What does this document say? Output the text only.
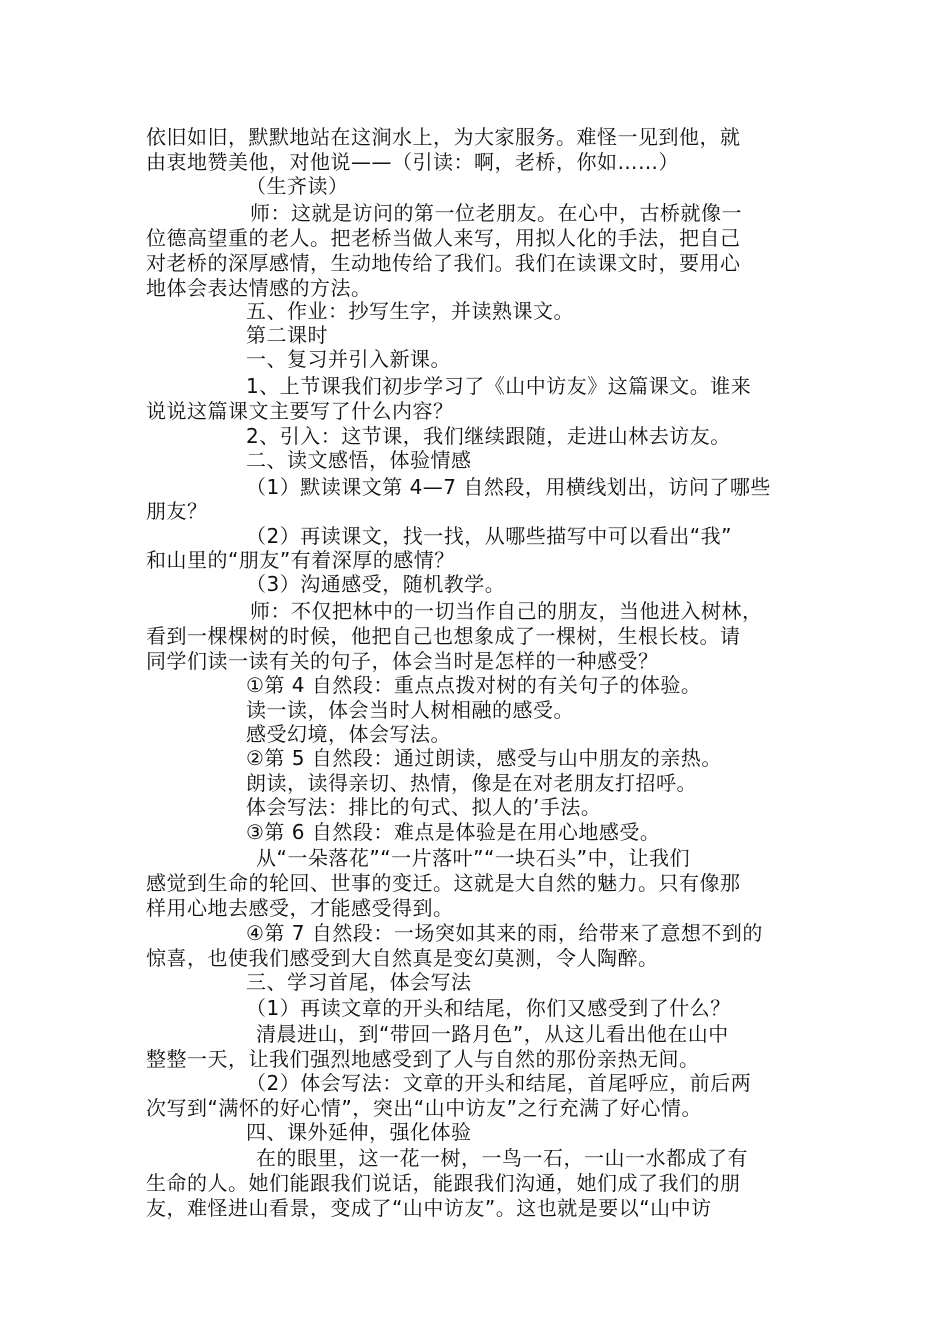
依旧如旧，默默地站在这涧水上，为大家服务。难怪一见到他，就
由衷地赞美他，对他说——（引读：啊，老桥，你如……）
（生齐读）
师：这就是访问的第一位老朋友。在心中，古桥就像一
位德高望重的老人。把老桥当做人来写，用拟人化的手法，把自己
对老桥的深厚感情，生动地传给了我们。我们在读课文时，要用心
地体会表达情感的方法。
五、作业：抄写生字，并读熟课文。
第二课时
一、复习并引入新课。
1、上节课我们初步学习了《山中访友》这篇课文。谁来
说说这篇课文主要写了什么内容？
2、引入：这节课，我们继续跟随，走进山林去访友。
二、读文感悟，体验情感
（1）默读课文第 4—7 自然段，用横线划出，访问了哪些
朋友？
（2）再读课文，找一找，从哪些描写中可以看出“我”
和山里的“朋友”有着深厚的感情？
（3）沟通感受，随机教学。
师：不仅把林中的一切当作自己的朋友，当他进入树林，
看到一棵棵树的时候，他把自己也想象成了一棵树，生根长枝。请
同学们读一读有关的句子，体会当时是怎样的一种感受？
①第 4 自然段：重点点拨对树的有关句子的体验。
读一读，体会当时人树相融的感受。
感受幻境，体会写法。
②第 5 自然段：通过朗读，感受与山中朋友的亲热。
朗读，读得亲切、热情，像是在对老朋友打招呼。
体会写法：排比的句式、拟人的’手法。
③第 6 自然段：难点是体验是在用心地感受。
从“一朵落花”“一片落叶”“一块石头”中，让我们
感觉到生命的轮回、世事的变迁。这就是大自然的魅力。只有像那
样用心地去感受，才能感受得到。
④第 7 自然段：一场突如其来的雨，给带来了意想不到的
惊喜，也使我们感受到大自然真是变幻莫测，令人陶醉。
三、学习首尾，体会写法
（1）再读文章的开头和结尾，你们又感受到了什么？
清晨进山，到“带回一路月色”，从这儿看出他在山中
整整一天，让我们强烈地感受到了人与自然的那份亲热无间。
（2）体会写法：文章的开头和结尾，首尾呼应，前后两
次写到“满怀的好心情”，突出“山中访友”之行充满了好心情。
四、课外延伸，强化体验
在的眼里，这一花一树，一鸟一石，一山一水都成了有
生命的人。她们能跟我们说话，能跟我们沟通，她们成了我们的朋
友，难怪进山看景，变成了“山中访友”。这也就是要以“山中访
